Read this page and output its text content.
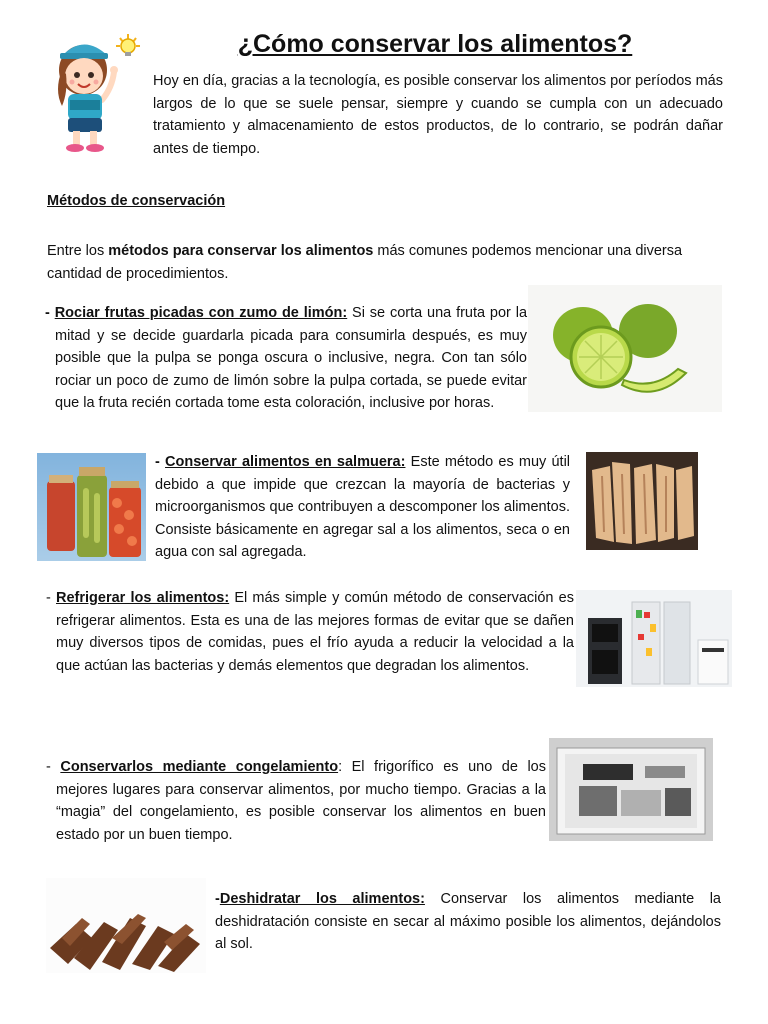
¿Cómo conservar los alimentos?
Hoy en día, gracias a la tecnología, es posible conservar los alimentos por períodos más largos de lo que se suele pensar, siempre y cuando se cumpla con un adecuado tratamiento y almacenamiento de estos productos, de lo contrario, se podrán dañar antes de tiempo.
Métodos de conservación
Entre los métodos para conservar los alimentos más comunes podemos mencionar una diversa cantidad de procedimientos.
- Rociar frutas picadas con zumo de limón: Si se corta una fruta por la mitad y se decide guardarla picada para consumirla después, es muy posible que la pulpa se ponga oscura o inclusive, negra. Con tan sólo rociar un poco de zumo de limón sobre la pulpa cortada, se puede evitar que la fruta recién cortada tome esta coloración, inclusive por horas.
- Conservar alimentos en salmuera: Este método es muy útil debido a que impide que crezcan la mayoría de bacterias y microorganismos que contribuyen a descomponer los alimentos. Consiste básicamente en agregar sal a los alimentos, seca o en agua con sal agregada.
- Refrigerar los alimentos: El más simple y común método de conservación es refrigerar alimentos. Esta es una de las mejores formas de evitar que se dañen muy diversos tipos de comidas, pues el frío ayuda a reducir la velocidad a la que actúan las bacterias y demás elementos que degradan los alimentos.
- Conservarlos mediante congelamiento: El frigorífico es uno de los mejores lugares para conservar alimentos, por mucho tiempo. Gracias a la “magia” del congelamiento, es posible conservar los alimentos en buen estado por un buen tiempo.
-Deshidratar los alimentos: Conservar los alimentos mediante la deshidratación consiste en secar al máximo posible los alimentos, dejándolos al sol.
